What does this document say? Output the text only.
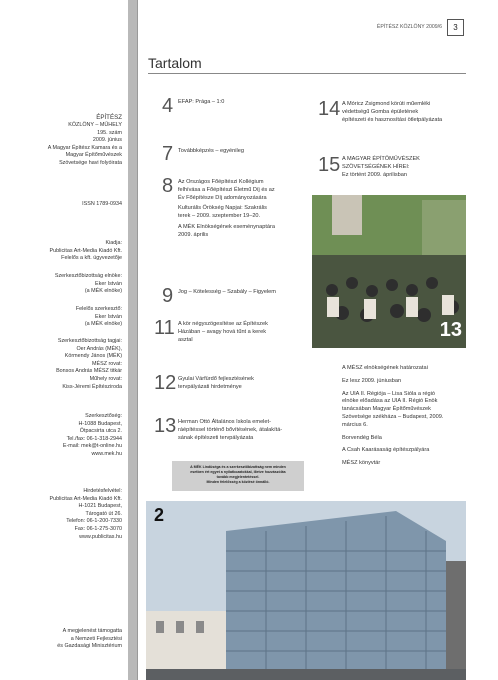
ÉPÍTÉSZ
KÖZLÖNY – MŰHELY
195. szám
2009. június
A Magyar Építész Kamara és a
Magyar Építőművészek
Szövetsége havi folyóirata
ISSN 1789-0934
Kiadja:
Publicitas Art-Media Kiadó Kft.
Felelős a kft. ügyvezetője
Szerkesztőbizottság elnöke:
Eker István
(a MÉK elnöke)
Felelős szerkesztő:
Eker István
(a MÉK elnöke)
Szerkesztőbizottság tagjai:
Oer András (MÉK),
Körmendy János (MÉK)
MÉSZ rovat:
Bonsos András MÉSZ titkár
Műhely rovat:
Kiss-Jéremi Építésziroda
Szerkesztőség:
H-1088 Budapest,
Ötpacsirta utca 2.
Tel./fax: 06-1-318-2944
E-mail: mek@t-online.hu
www.mek.hu
Hirdetésfelvétel:
Publicitas Art-Media Kiadó Kft.
H-1021 Budapest,
Tárogató út 26.
Telefon: 06-1-200-7330
Fax: 06-1-275-3070
www.publicitas.hu
A megjelenést támogatta
a Nemzeti Fejlesztési
és Gazdasági Minisztérium
ÉPÍTÉSZ KÖZLÖNY 2009/6	3
Tartalom
4 EFAP: Prága – 1:0
7 Továbbképzés – egyénileg
8 Az Országos Főépítészi Kollégium
felhívása a Főépítészi Életmű Díj és az
Év Főépítésze Díj adományozására
Kulturális Örökség Napjai: Szakrális
terek – 2009. szeptember 19–20.
A MÉK Elnökségének eseménynaptára
2009. április
9 Jog – Kötelesség – Szabály – Figyelem
11 A kör négyszögesítése az Építészek
Házában – avagy hová tűnt a kerek
asztal
12 Gyulai Várfürdő fejlesztésének
tervpályázati hirdetménye
13 Herman Ottó Általános Iskola emelet-
ráépítéssel történő bővítésének, átalakítá-
sának építészeti tervpályázata
14 A Móricz Zsigmond körúti műemléki
védettségű Gomba épületének
építészeti és hasznosítási ötletpályázata
15 A MAGYAR ÉPÍTŐMŰVÉSZEK
SZÖVETSÉGÉNEK HÍREI:
Ez történt 2009. áprilisban
13
A MÉSZ elnökségének határozatai
Ez lesz 2009. júniusban
Az UIA II. Régiója – Lisa Sióla a régió
elnöke előadása az UIA II. Régió Enök
tanácsában Magyar Építőművészek
Szövetsége székháza – Budapest, 2009.
március 6.
Borvendég Béla
A Csah Kaarásaság építészpályára
MÉSZ könyvtár
A MÉK Lindüséga és a szerkesztőbizottság nem minden
esetben ért egyet a nyilatkozatokkal, illetve hozzászólás
tovább megjelentetéssel.
Minden felelősség a közlésé önnálló.
2
